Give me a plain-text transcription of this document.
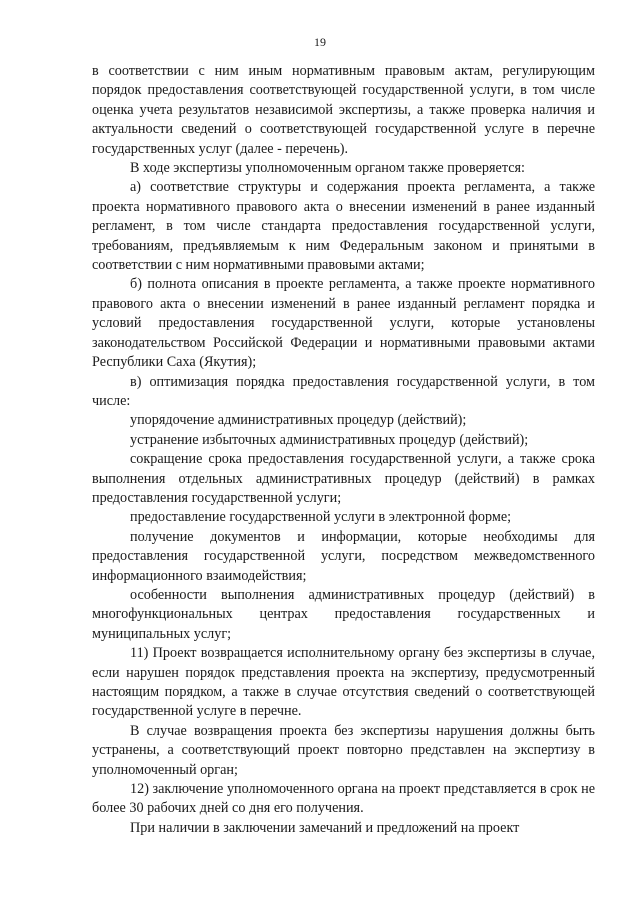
19

в соответствии с ним иным нормативным правовым актам, регулирующим порядок предоставления соответствующей государственной услуги, в том числе оценка учета результатов независимой экспертизы, а также проверка наличия и актуальности сведений о соответствующей государственной услуге в перечне государственных услуг (далее - перечень).

В ходе экспертизы уполномоченным органом также проверяется:

а) соответствие структуры и содержания проекта регламента, а также проекта нормативного правового акта о внесении изменений в ранее изданный регламент, в том числе стандарта предоставления государственной услуги, требованиям, предъявляемым к ним Федеральным законом и принятыми в соответствии с ним нормативными правовыми актами;

б) полнота описания в проекте регламента, а также проекте нормативного правового акта о внесении изменений в ранее изданный регламент порядка и условий предоставления государственной услуги, которые установлены законодательством Российской Федерации и нормативными правовыми актами Республики Саха (Якутия);

в) оптимизация порядка предоставления государственной услуги, в том числе:

упорядочение административных процедур (действий);

устранение избыточных административных процедур (действий);

сокращение срока предоставления государственной услуги, а также срока выполнения отдельных административных процедур (действий) в рамках предоставления государственной услуги;

предоставление государственной услуги в электронной форме;

получение документов и информации, которые необходимы для предоставления государственной услуги, посредством межведомственного информационного взаимодействия;

особенности выполнения административных процедур (действий) в многофункциональных центрах предоставления государственных и муниципальных услуг;

11) Проект возвращается исполнительному органу без экспертизы в случае, если нарушен порядок представления проекта на экспертизу, предусмотренный настоящим порядком, а также в случае отсутствия сведений о соответствующей государственной услуге в перечне.

В случае возвращения проекта без экспертизы нарушения должны быть устранены, а соответствующий проект повторно представлен на экспертизу в уполномоченный орган;

12) заключение уполномоченного органа на проект представляется в срок не более 30 рабочих дней со дня его получения.

При наличии в заключении замечаний и предложений на проект
